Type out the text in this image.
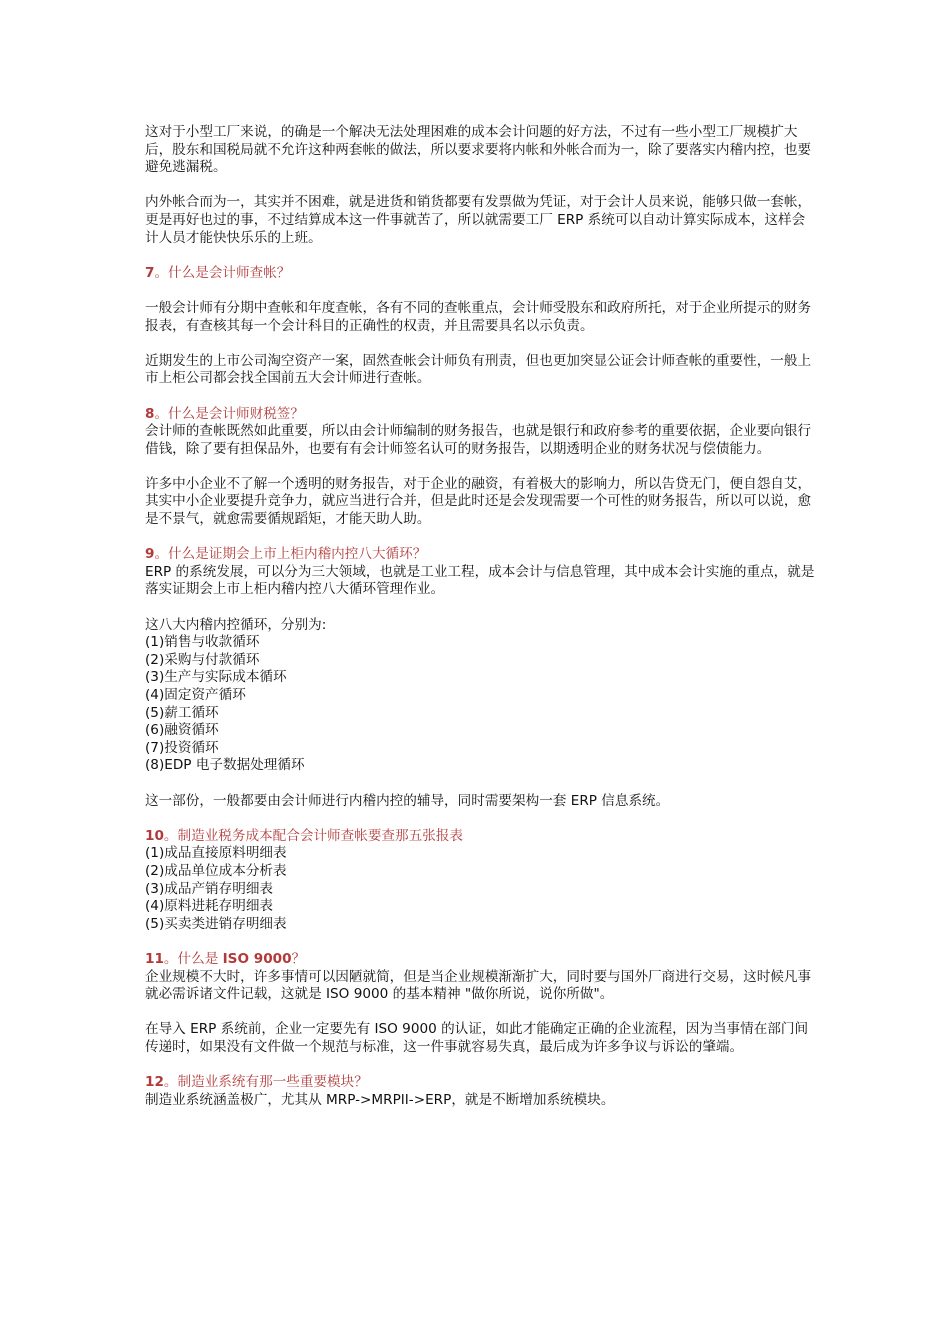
这对于小型工厂来说，的确是一个解决无法处理困难的成本会计问题的好方法，不过有一些小型工厂规模扩大后，股东和国税局就不允许这种两套帐的做法，所以要求要将内帐和外帐合而为一，除了要落实内稽内控，也要避免逃漏税。

内外帐合而为一，其实并不困难，就是进货和销货都要有发票做为凭证，对于会计人员来说，能够只做一套帐，更是再好也过的事，不过结算成本这一件事就苦了，所以就需要工厂 ERP 系统可以自动计算实际成本，这样会计人员才能快快乐乐的上班。

7。什么是会计师查帐？

一般会计师有分期中查帐和年度查帐，各有不同的查帐重点，会计师受股东和政府所托，对于企业所提示的财务报表，有查核其每一个会计科目的正确性的权责，并且需要具名以示负责。

近期发生的上市公司淘空资产一案，固然查帐会计师负有刑责，但也更加突显公证会计师查帐的重要性，一般上市上柜公司都会找全国前五大会计师进行查帐。

8。什么是会计师财税签？

会计师的查帐既然如此重要，所以由会计师编制的财务报告，也就是银行和政府参考的重要依据，企业要向银行借钱，除了要有担保品外，也要有有会计师签名认可的财务报告，以期透明企业的财务状况与偿债能力。

许多中小企业不了解一个透明的财务报告，对于企业的融资，有着极大的影响力，所以告贷无门，便自怨自艾，其实中小企业要提升竞争力，就应当进行合并，但是此时还是会发现需要一个可性的财务报告，所以可以说，愈是不景气，就愈需要循规蹈矩，才能天助人助。

9。什么是证期会上市上柜内稽内控八大循环？

ERP 的系统发展，可以分为三大领域，也就是工业工程，成本会计与信息管理，其中成本会计实施的重点，就是落实证期会上市上柜内稽内控八大循环管理作业。

这八大内稽内控循环，分别为:
(1)销售与收款循环
(2)采购与付款循环
(3)生产与实际成本循环
(4)固定资产循环
(5)薪工循环
(6)融资循环
(7)投资循环
(8)EDP 电子数据处理循环

这一部份，一般都要由会计师进行内稽内控的辅导，同时需要架构一套 ERP 信息系统。

10。制造业税务成本配合会计师查帐要查那五张报表

(1)成品直接原料明细表
(2)成品单位成本分析表
(3)成品产销存明细表
(4)原料进耗存明细表
(5)买卖类进销存明细表

11。什么是 ISO 9000？

企业规模不大时，许多事情可以因陋就简，但是当企业规模渐渐扩大，同时要与国外厂商进行交易，这时候凡事就必需诉诸文件记载，这就是 ISO 9000 的基本精神 "做你所说，说你所做"。

在导入 ERP 系统前，企业一定要先有 ISO 9000 的认证，如此才能确定正确的企业流程，因为当事情在部门间传递时，如果没有文件做一个规范与标准，这一件事就容易失真，最后成为许多争议与诉讼的肇端。

12。制造业系统有那一些重要模块？

制造业系统涵盖极广，尤其从 MRP->MRPII->ERP，就是不断增加系统模块。
